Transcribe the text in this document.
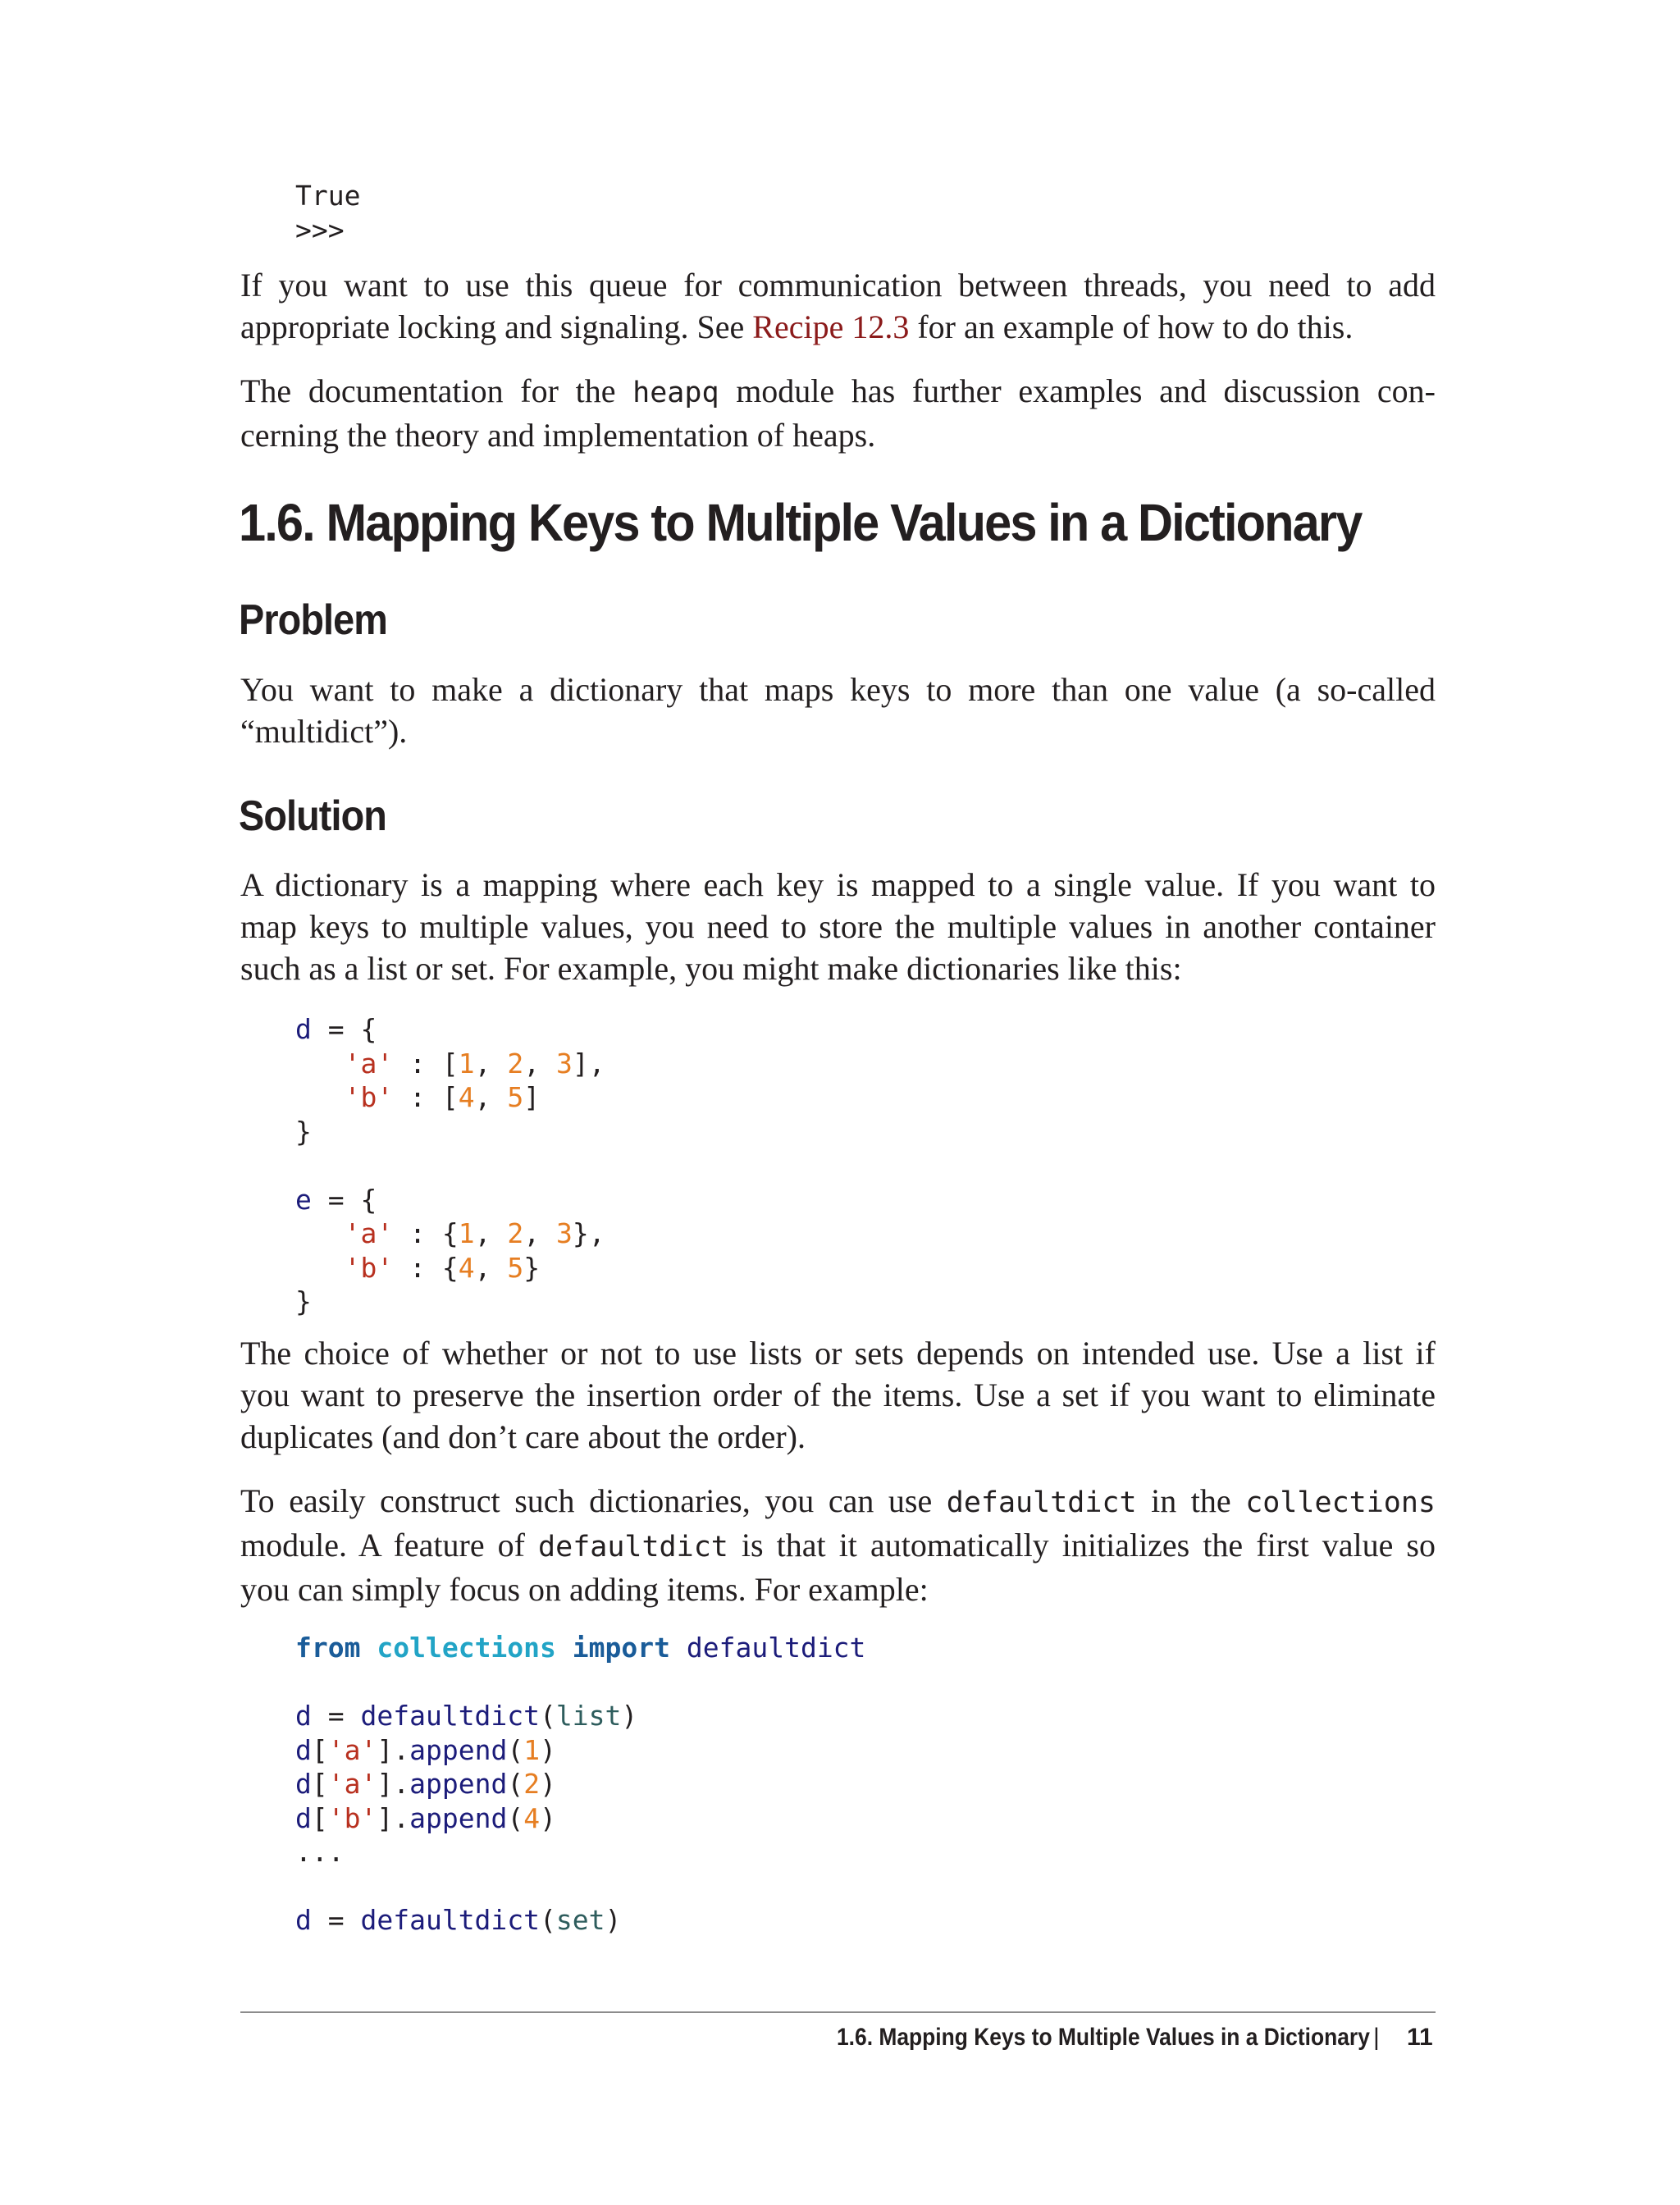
True
>>>
If you want to use this queue for communication between threads, you need to add
appropriate locking and signaling. See Recipe 12.3 for an example of how to do this.
The documentation for the heapq module has further examples and discussion con-
cerning the theory and implementation of heaps.
1.6. Mapping Keys to Multiple Values in a Dictionary
Problem
You want to make a dictionary that maps keys to more than one value (a so-called
“multidict”).
Solution
A dictionary is a mapping where each key is mapped to a single value. If you want to
map keys to multiple values, you need to store the multiple values in another container
such as a list or set. For example, you might make dictionaries like this:
d = {
'a' : [1, 2, 3],
'b' : [4, 5]
}

e = {
'a' : {1, 2, 3},
'b' : {4, 5}
}
The choice of whether or not to use lists or sets depends on intended use. Use a list if
you want to preserve the insertion order of the items. Use a set if you want to eliminate
duplicates (and don’t care about the order).
To easily construct such dictionaries, you can use defaultdict in the collections
module. A feature of defaultdict is that it automatically initializes the first value so
you can simply focus on adding items. For example:
from collections import defaultdict

d = defaultdict(list)
d['a'].append(1)
d['a'].append(2)
d['b'].append(4)
...

d = defaultdict(set)
1.6. Mapping Keys to Multiple Values in a Dictionary | 11
